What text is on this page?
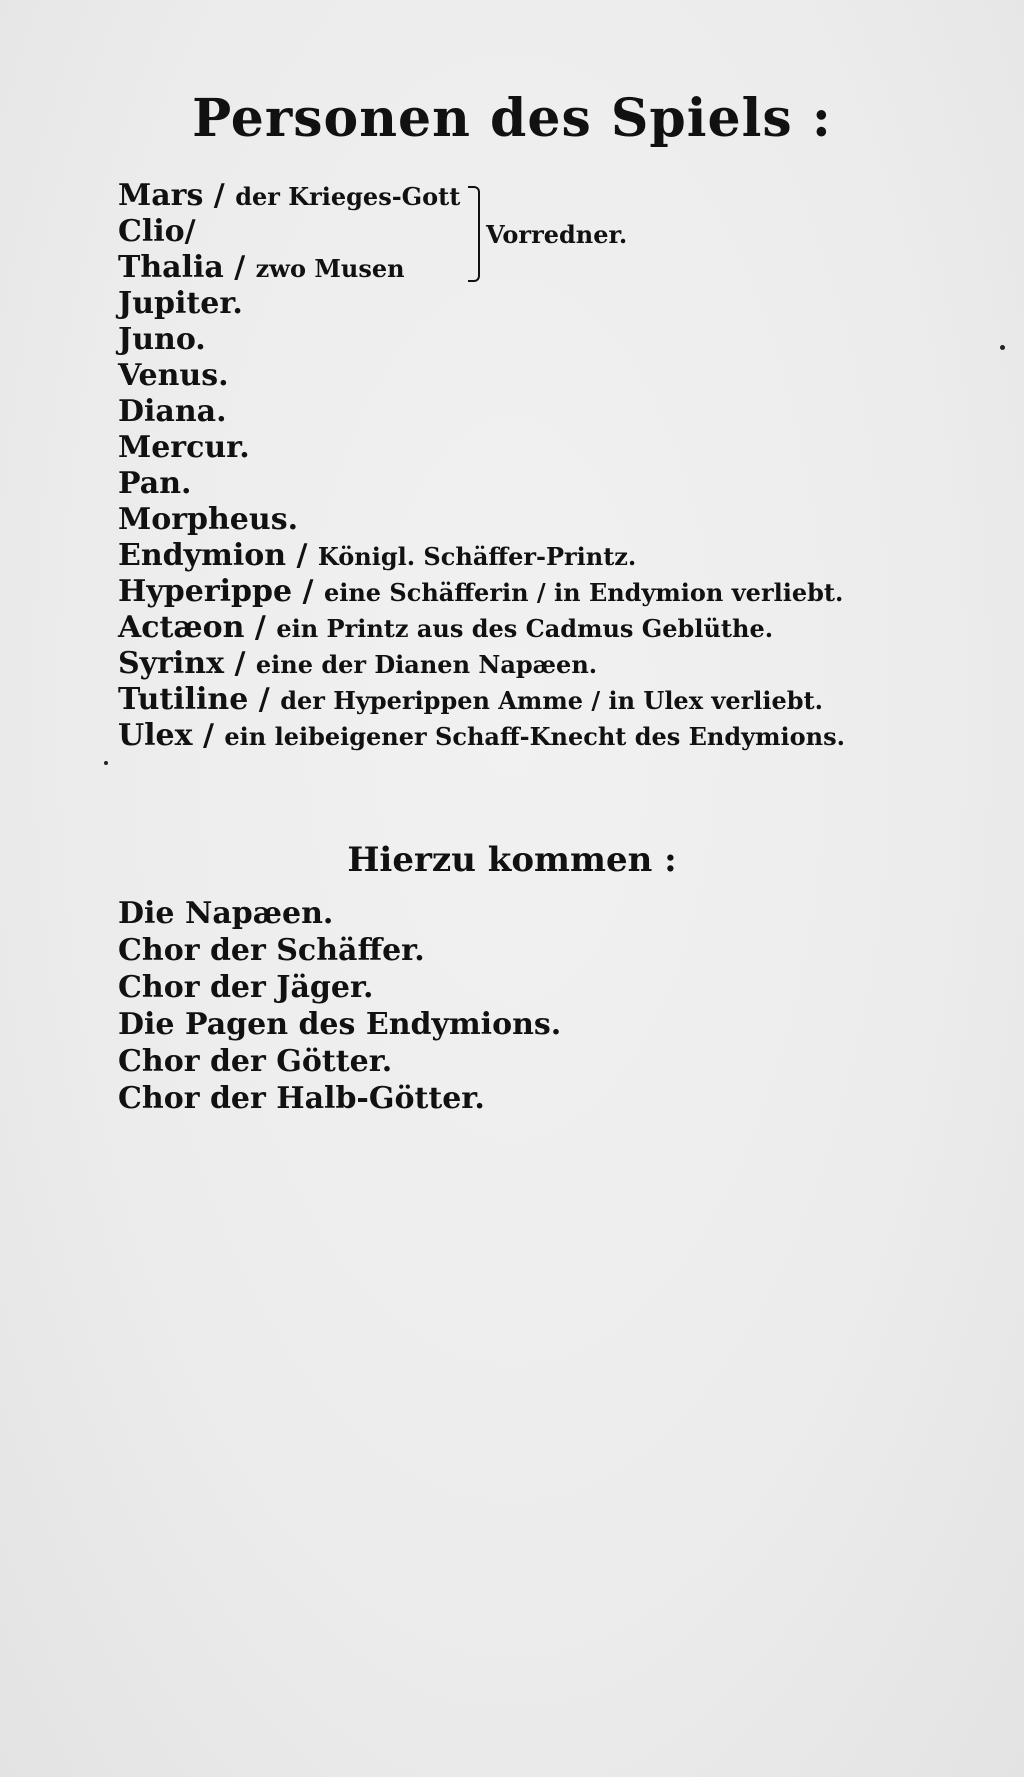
Personen des Spiels :
Mars / der Krieges-Gott
Clio/
Thalia / zwo Musen
Vorredner.
Jupiter.
Juno.
Venus.
Diana.
Mercur.
Pan.
Morpheus.
Endymion / Königl. Schäffer-Printz.
Hyperippe / eine Schäfferin / in Endymion verliebt.
Actæon / ein Printz aus des Cadmus Geblüthe.
Syrinx / eine der Dianen Napæen.
Tutiline / der Hyperippen Amme / in Ulex verliebt.
Ulex / ein leibeigener Schaff-Knecht des Endymions.
Hierzu kommen :
Die Napæen.
Chor der Schäffer.
Chor der Jäger.
Die Pagen des Endymions.
Chor der Götter.
Chor der Halb-Götter.
